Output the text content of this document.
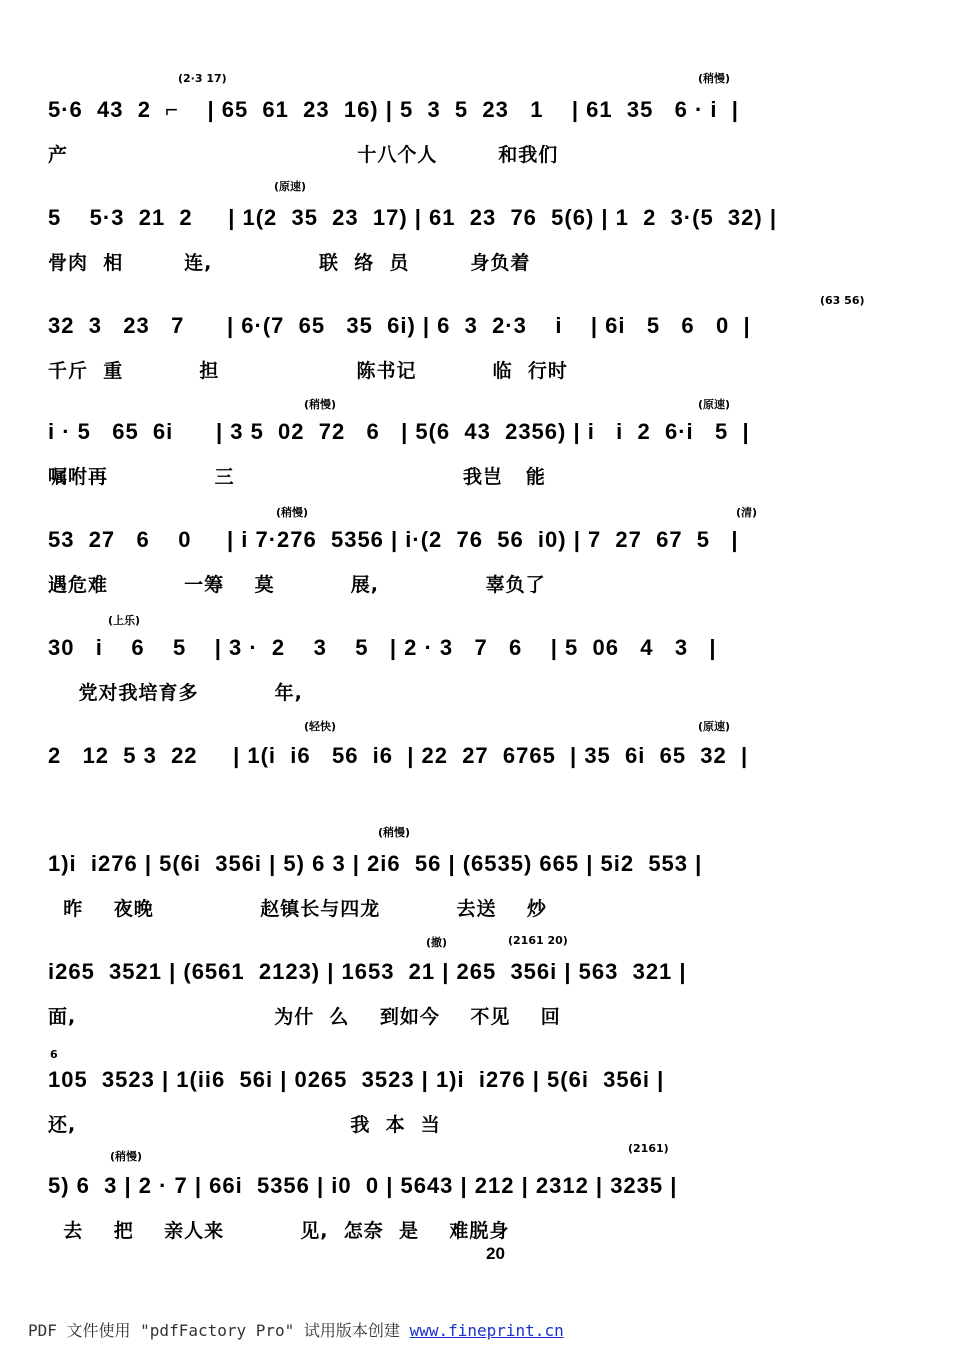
5·6  43  2  ⌐    | 65  61  23  16) | 5  3  5  23   1    | 61  35   6 · i  |
产                                      十八个人        和我们
(2·3 17)	(稍慢)
5    5·3  21  2     | 1(2  35  23  17) | 61  23  76  5(6) | 1  2  3·(5  32) |
骨肉  相        连,              联  络  员        身负着
(原速)
32  3   23   7      | 6·(7  65   35  6i) | 6  3  2·3    i    | 6i   5   6   0  |
千斤  重          担                  陈书记          临  行时
(63 56)
i · 5   65  6i      | 3 5  02  72   6   | 5(6  43  2356) | i   i  2  6·i   5  |
嘱咐再              三                              我岂   能
(稍慢)	(原速)
53  27   6    0     | i 7·276  5356 | i·(2  76  56  i0) | 7  27  67  5   |
遇危难          一筹    莫          展,              辜负了
(稍慢)	(清)
30   i    6    5    | 3 ·  2    3    5   | 2 · 3   7   6    | 5  06   4   3   |
党对我培育多          年,
(上乐)
2   12  5 3  22     | 1(i  i6   56  i6  | 22  27  6765  | 35  6i  65  32  |
(轻快)	(原速)
1)i  i276 | 5(6i  356i | 5) 6 3 | 2i6  56 | (6535) 665 | 5i2  553 |
昨    夜晚              赵镇长与四龙          去送    炒
(稍慢)
i265  3521 | (6561  2123) | 1653  21 | 265  356i | 563  321 |
面,                          为什  么    到如今    不见    回
(撤)	(2161 20)
105  3523 | 1(ii6  56i | 0265  3523 | 1)i  i276 | 5(6i  356i |
还,                                    我  本  当
6
5) 6  3 | 2 · 7 | 66i  5356 | i0  0 | 5643 | 212 | 2312 | 3235 |
去    把    亲人来          见,  怎奈  是    难脱身
(稍慢)
(2161)
20
PDF 文件使用 "pdfFactory Pro" 试用版本创建 www.fineprint.cn
